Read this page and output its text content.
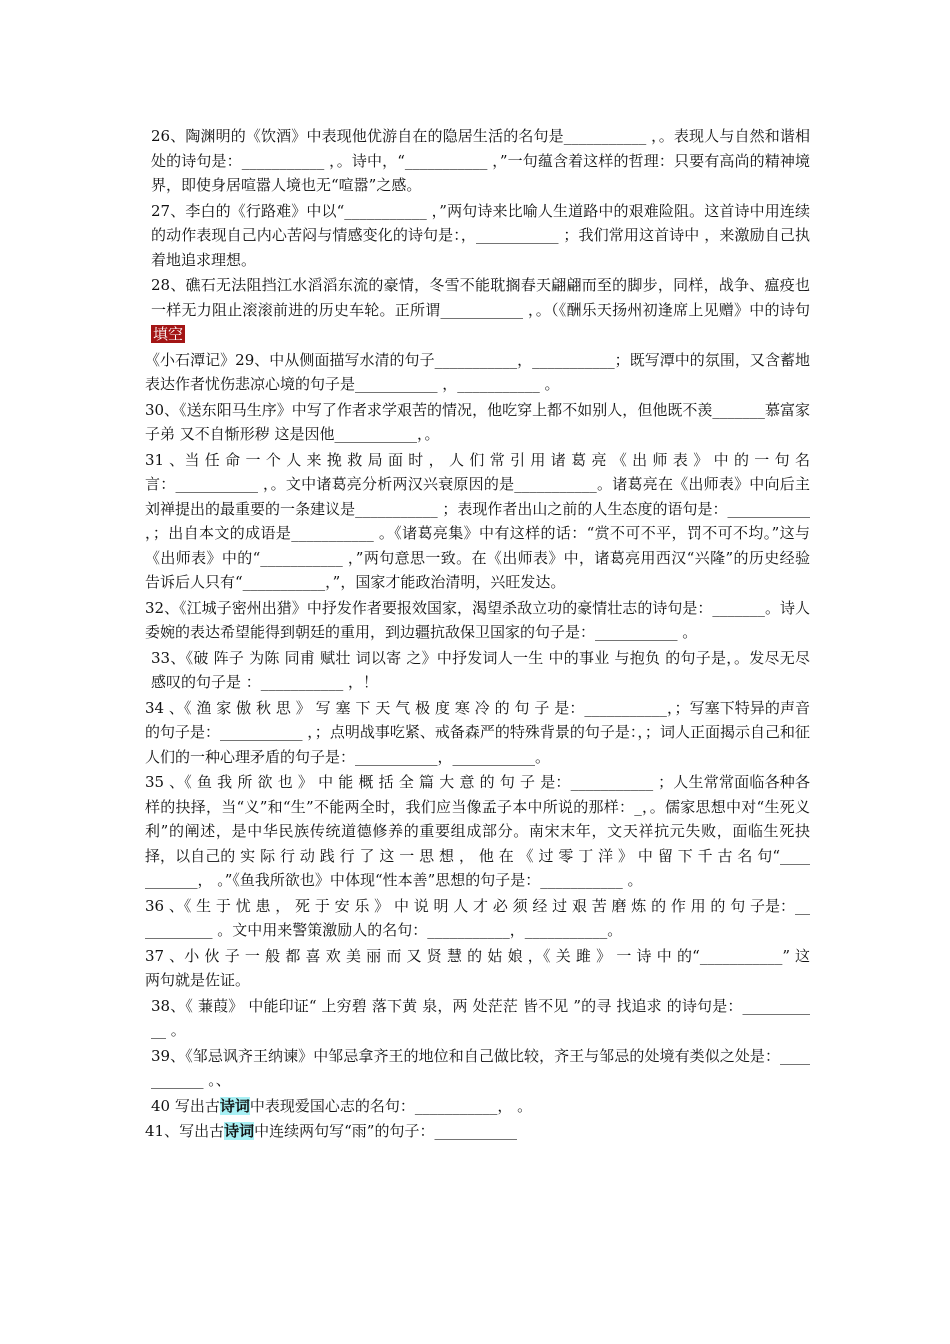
26、陶渊明的《饮酒》中表现他优游自在的隐居生活的名句是___________ ，。表现人与自然和谐相处的诗句是：___________ ，。诗中，“___________ ，”一句蕴含着这样的哲理：只要有高尚的精神境界，即使身居喧嚣人境也无“喧嚣”之感。

27、李白的《行路难》中以“___________ ，”两句诗来比喻人生道路中的艰难险阻。这首诗中用连续的动作表现自己内心苦闷与情感变化的诗句是：，___________ ；我们常用这首诗中 ，来激励自己执着地追求理想。

28、礁石无法阻挡江水滔滔东流的豪情，冬雪不能耽搁春天翩翩而至的脚步，同样，战争、瘟疫也一样无力阻止滚滚前进的历史车轮。正所谓___________ ，。（《酬乐天扬州初逢席上见赠》中的诗句填空

《小石潭记》29、中从侧面描写水清的句子___________，___________；既写潭中的氛围，又含蓄地表达作者忧伤悲凉心境的句子是___________ ，___________ 。

30、《送东阳马生序》中写了作者求学艰苦的情况，他吃穿上都不如别人，但他既不羡_______慕富家子弟 又不自惭形秽 这是因他___________，。

31 、当 任 命 一 个 人 来 挽 救 局 面 时 ， 人 们 常 引 用 诸 葛 亮 《 出 师 表 》 中 的 一 句 名言：___________ ，。文中诸葛亮分析两汉兴衰原因的是___________。诸葛亮在《出师表》中向后主刘禅提出的最重要的一条建议是___________ ；表现作者出山之前的人生态度的语句是：___________ ，；出自本文的成语是___________ 。《诸葛亮集》中有这样的话：“赏不可不平，罚不可不均。”这与《出师表》中的“___________ ，”两句意思一致。在《出师表》中，诸葛亮用西汉“兴隆”的历史经验告诉后人只有“___________，”，国家才能政治清明，兴旺发达。

32、《江城子密州出猎》中抒发作者要报效国家，渴望杀敌立功的豪情壮志的诗句是：_______。诗人委婉的表达希望能得到朝廷的重用，到边疆抗敌保卫国家的句子是：___________ 。

33、《破 阵子 为陈 同甫 赋壮 词以寄 之》中抒发词人一生 中的事业 与抱负 的句子是，。发尽无尽感叹的句子是 ：___________ ，！

34 、《 渔 家 傲 秋 思 》 写 塞 下 天 气 极 度 寒 冷 的 句 子 是：___________，；写塞下特异的声音的句子是：___________ ，；点明战事吃紧、戒备森严的特殊背景的句子是：，；词人正面揭示自己和征人们的一种心理矛盾的句子是：___________，___________。

35 、《 鱼 我 所 欲 也 》 中 能 概 括 全 篇 大 意 的 句 子 是：___________ ；人生常常面临各种各样的抉择，当“义”和“生”不能两全时，我们应当像孟子本中所说的那样：_，。儒家思想中对“生死义利”的阐述，是中华民族传统道德修养的重要组成部分。南宋末年，文天祥抗元失败，面临生死抉择，以自己的 实 际 行 动 践 行 了 这 一 思 想 ， 他 在 《 过 零 丁 洋 》 中 留 下 千 古 名 句“___________， 。”《鱼我所欲也》中体现“性本善”思想的句子是：___________ 。

36 、《 生 于 忧 患 ， 死 于 安 乐 》 中 说 明 人 才 必 须 经 过 艰 苦 磨 炼 的 作 用 的 句 子是：___________ 。文中用来警策激励人的名句：___________，___________。

37 、小 伙 子 一 般 都 喜 欢 美 丽 而 又 贤 慧 的 姑 娘 ，《 关 雎 》 一 诗 中 的“___________” 这两句就是佐证。

38、《 蒹葭》 中能印证“ 上穷碧 落下黄 泉，两 处茫茫 皆不见 ”的寻 找追求 的诗句是：___________ 。

39、《邹忌讽齐王纳谏》中邹忌拿齐王的地位和自己做比较，齐王与邹忌的处境有类似之处是：___________ 。、

40 写出古诗词中表现爱国心志的名句：___________， 。

41、写出古诗词中连续两句写“雨”的句子：___________
